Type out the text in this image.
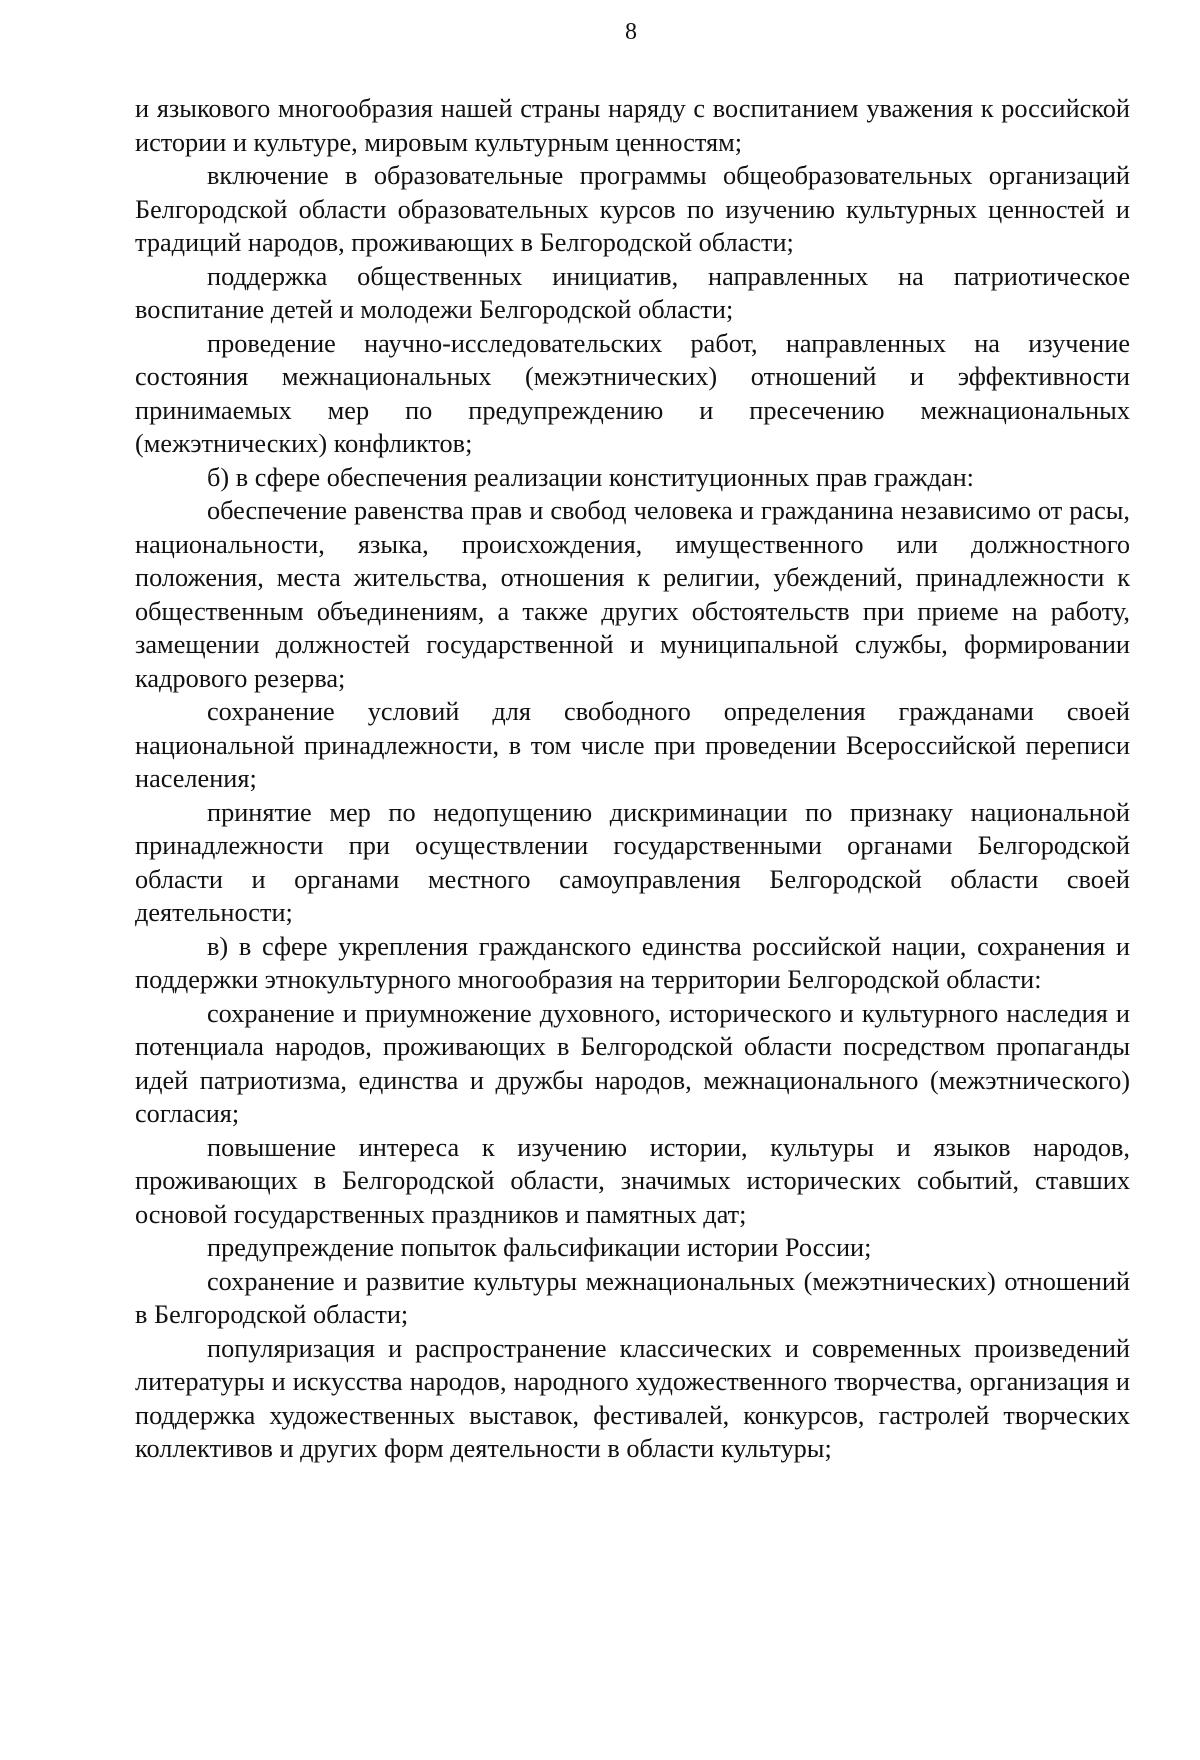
8

и языкового многообразия нашей страны наряду с воспитанием уважения к российской истории и культуре, мировым культурным ценностям;

включение в образовательные программы общеобразовательных организаций Белгородской области образовательных курсов по изучению культурных ценностей и традиций народов, проживающих в Белгородской области;

поддержка общественных инициатив, направленных на патриотическое воспитание детей и молодежи Белгородской области;

проведение научно-исследовательских работ, направленных на изучение состояния межнациональных (межэтнических) отношений и эффективности принимаемых мер по предупреждению и пресечению межнациональных (межэтнических) конфликтов;

б) в сфере обеспечения реализации конституционных прав граждан:

обеспечение равенства прав и свобод человека и гражданина независимо от расы, национальности, языка, происхождения, имущественного или должностного положения, места жительства, отношения к религии, убеждений, принадлежности к общественным объединениям, а также других обстоятельств при приеме на работу, замещении должностей государственной и муниципальной службы, формировании кадрового резерва;

сохранение условий для свободного определения гражданами своей национальной принадлежности, в том числе при проведении Всероссийской переписи населения;

принятие мер по недопущению дискриминации по признаку национальной принадлежности при осуществлении государственными органами Белгородской области и органами местного самоуправления Белгородской области своей деятельности;

в) в сфере укрепления гражданского единства российской нации, сохранения и поддержки этнокультурного многообразия на территории Белгородской области:

сохранение и приумножение духовного, исторического и культурного наследия и потенциала народов, проживающих в Белгородской области посредством пропаганды идей патриотизма, единства и дружбы народов, межнационального (межэтнического) согласия;

повышение интереса к изучению истории, культуры и языков народов, проживающих в Белгородской области, значимых исторических событий, ставших основой государственных праздников и памятных дат;

предупреждение попыток фальсификации истории России;

сохранение и развитие культуры межнациональных (межэтнических) отношений в Белгородской области;

популяризация и распространение классических и современных произведений литературы и искусства народов, народного художественного творчества, организация и поддержка художественных выставок, фестивалей, конкурсов, гастролей творческих коллективов и других форм деятельности в области культуры;
